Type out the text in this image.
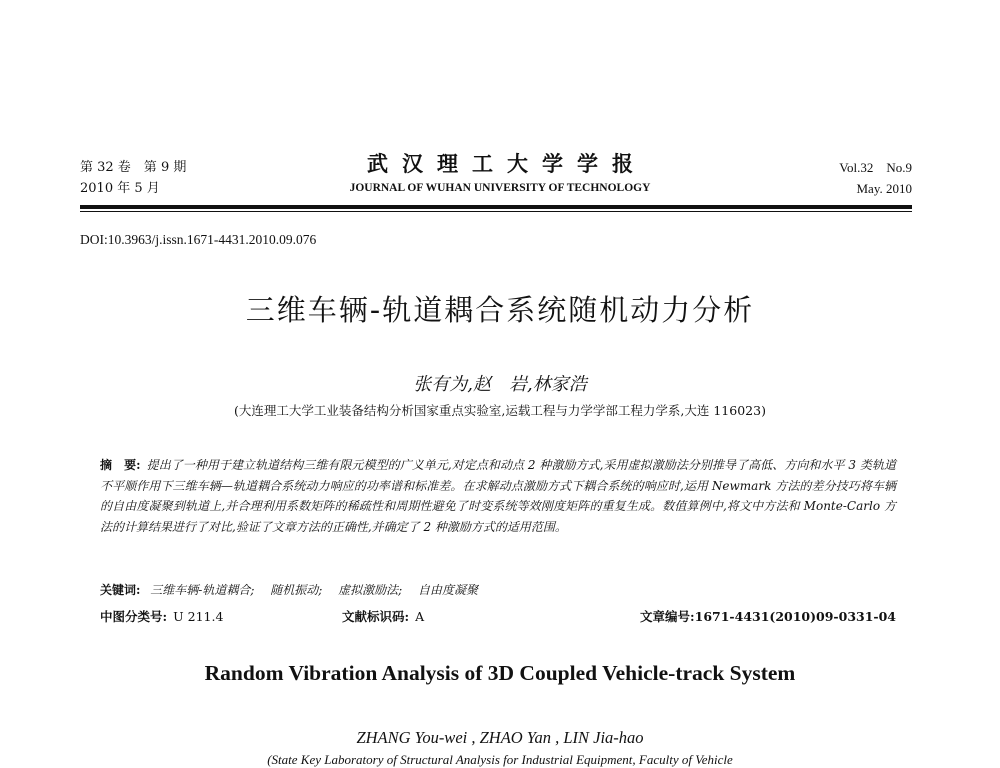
第 32 卷　第 9 期
2010 年 5 月
武汉理工大学学报
JOURNAL OF WUHAN UNIVERSITY OF TECHNOLOGY
Vol.32　No.9
May. 2010
DOI:10.3963/j.issn.1671-4431.2010.09.076
三维车辆-轨道耦合系统随机动力分析
张有为,赵　岩,林家浩
(大连理工大学工业装备结构分析国家重点实验室,运载工程与力学学部工程力学系,大连 116023)
摘　要: 提出了一种用于建立轨道结构三维有限元模型的广义单元,对定点和动点 2 种激励方式,采用虚拟激励法分别推导了高低、方向和水平 3 类轨道不平顺作用下三维车辆—轨道耦合系统动力响应的功率谱和标准差。在求解动点激励方式下耦合系统的响应时,运用 Newmark 方法的差分技巧将车辆的自由度凝聚到轨道上,并合理利用系数矩阵的稀疏性和周期性避免了时变系统等效刚度矩阵的重复生成。数值算例中,将文中方法和 Monte-Carlo 方法的计算结果进行了对比,验证了文章方法的正确性,并确定了 2 种激励方式的适用范围。
关键词: 三维车辆-轨道耦合; 随机振动; 虚拟激励法; 自由度凝聚
中图分类号: U 211.4	文献标识码: A	文章编号:1671-4431(2010)09-0331-04
Random Vibration Analysis of 3D Coupled Vehicle-track System
ZHANG You-wei , ZHAO Yan , LIN Jia-hao
(State Key Laboratory of Structural Analysis for Industrial Equipment, Faculty of Vehicle
